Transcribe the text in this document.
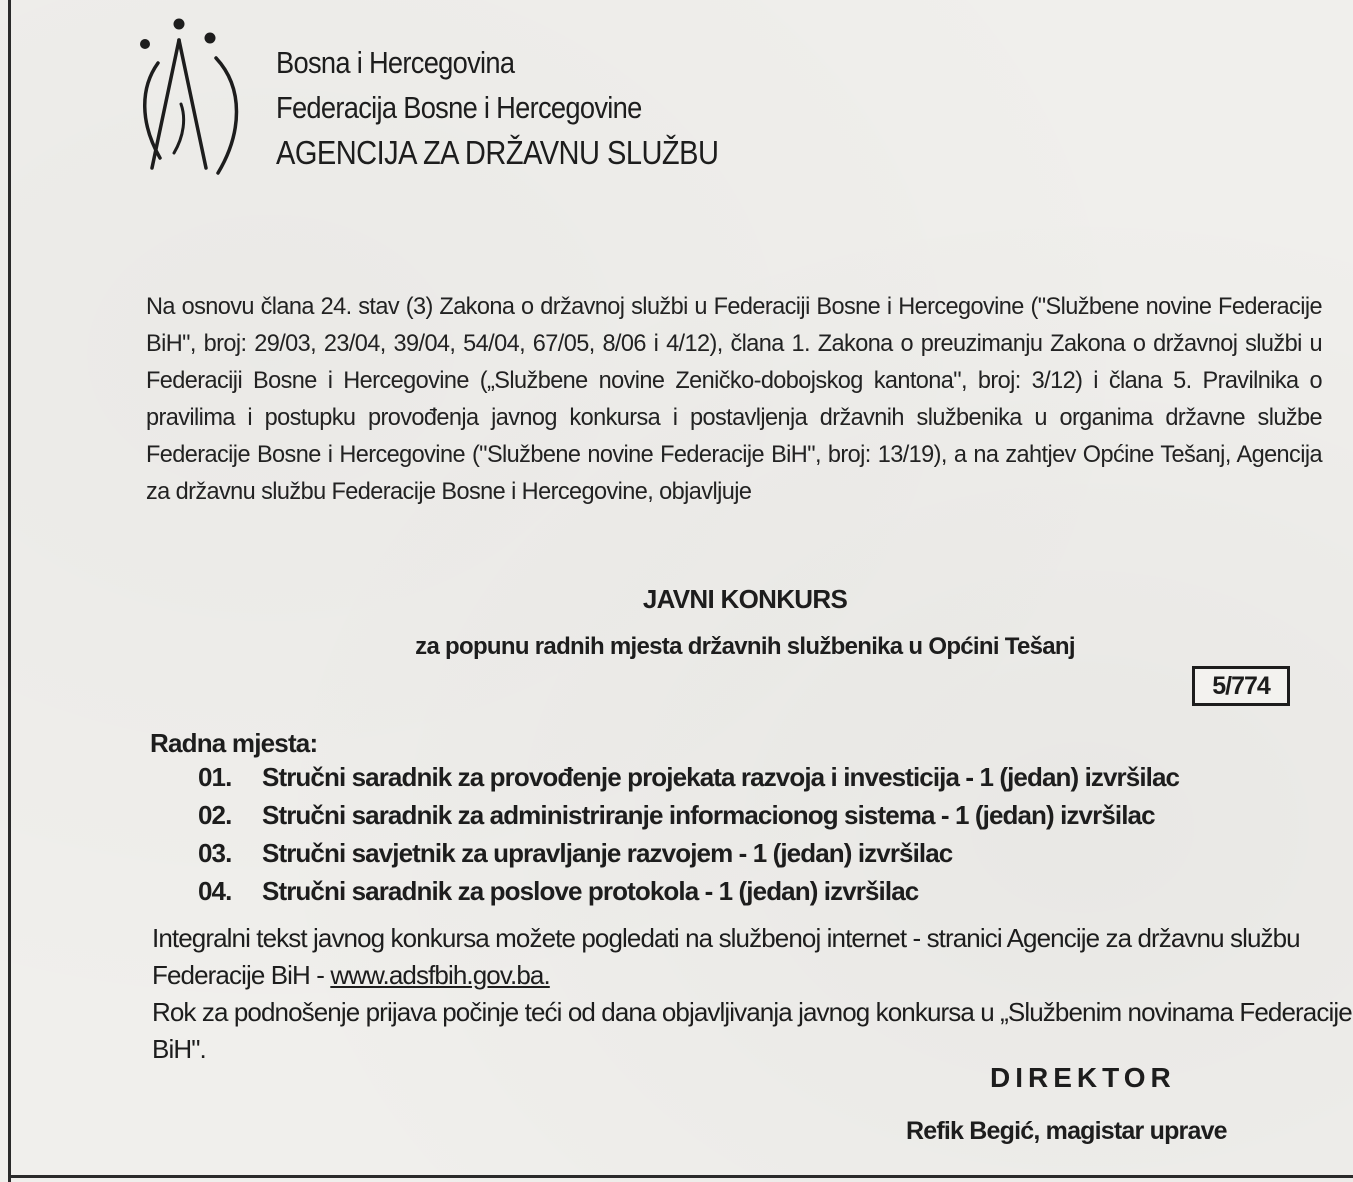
Bosna i Hercegovina
Federacija Bosne i Hercegovine
AGENCIJA ZA DRŽAVNU SLUŽBU
Na osnovu člana 24. stav (3) Zakona o državnoj službi u Federaciji Bosne i Hercegovine ("Službene novine Federacije BiH", broj: 29/03, 23/04, 39/04, 54/04, 67/05, 8/06 i 4/12), člana 1. Zakona o preuzimanju Zakona o državnoj službi u Federaciji Bosne i Hercegovine („Službene novine Zeničko-dobojskog kantona", broj: 3/12) i člana 5. Pravilnika o pravilima i postupku provođenja javnog konkursa i postavljenja državnih službenika u organima državne službe Federacije Bosne i Hercegovine ("Službene novine Federacije BiH", broj: 13/19), a na zahtjev Općine Tešanj, Agencija za državnu službu Federacije Bosne i Hercegovine, objavljuje
JAVNI KONKURS
za popunu radnih mjesta državnih službenika u Općini Tešanj
5/774
Radna mjesta:
01. Stručni saradnik za provođenje projekata razvoja i investicija - 1 (jedan) izvršilac
02. Stručni saradnik za administriranje informacionog sistema - 1 (jedan) izvršilac
03. Stručni savjetnik za upravljanje razvojem - 1 (jedan) izvršilac
04. Stručni saradnik za poslove protokola - 1 (jedan) izvršilac

Integralni tekst javnog konkursa možete pogledati na službenoj internet - stranici Agencije za državnu službu Federacije BiH - www.adsfbih.gov.ba.

Rok za podnošenje prijava počinje teći od dana objavljivanja javnog konkursa u „Službenim novinama Federacije BiH".

DIREKTOR
Refik Begić, magistar uprave
